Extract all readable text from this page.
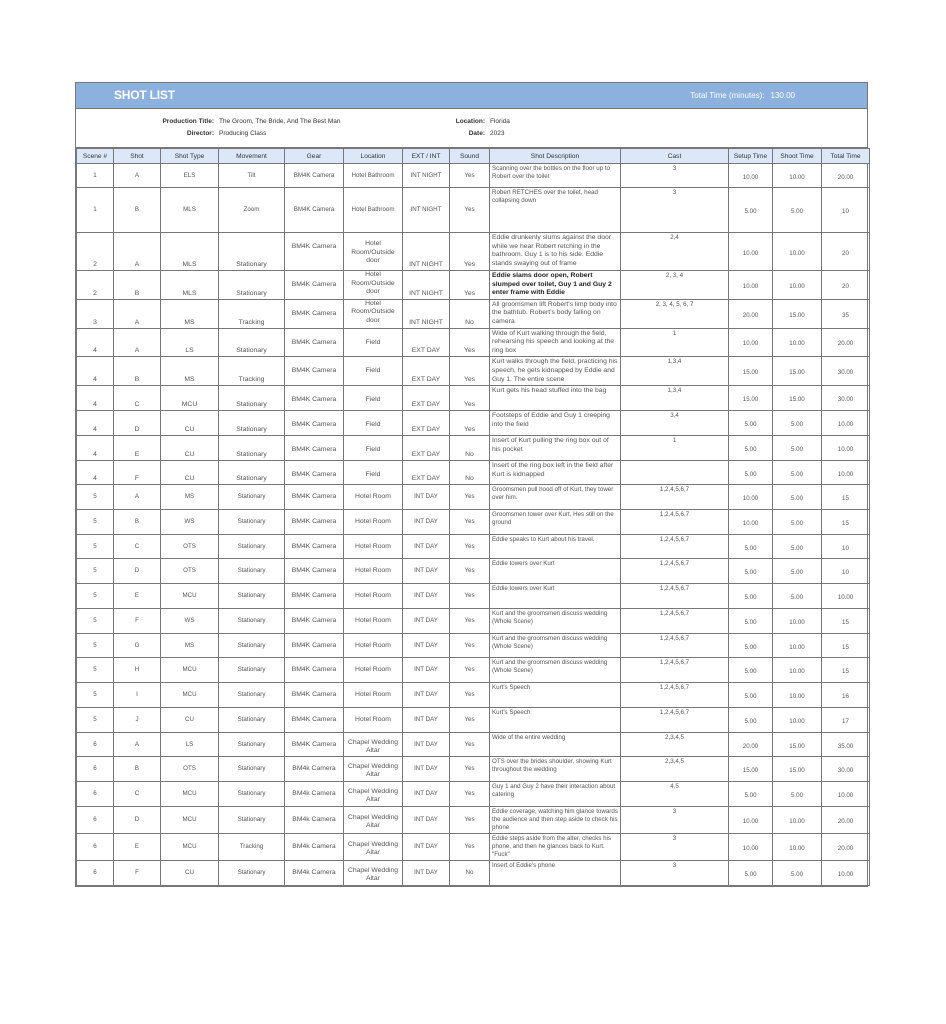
SHOT LIST	Total Time (minutes): 130.00
Production Title: The Groom, The Bride, And The Best Man
Director: Producing Class
Location: Florida
Date: 2023
Scene #	Shot	Shot Type	Movement	Gear	Location	EXT / INT	Sound	Shot Description	Cast	Setup Time	Shoot Time	Total Time
1	A	ELS	Tilt	BM4K Camera	Hotel Bathroom	INT NIGHT	Yes	Scanning over the bottles on the floor up to Robert over the toilet	3	10.00	10.00	20.00
1	B	MLS	Zoom	BM4K Camera	Hotel Bathroom	INT NIGHT	Yes	Robert RETCHES over the toilet, head collapsing down	3	5.00	5.00	10
2	A	MLS	Stationary	BM4K Camera	Hotel Room/Outside door	INT NIGHT	Yes	Eddie drunkenly slums against the door while we hear Robert retching in the bathroom. Guy 1 is to his side. Eddie stands swaying out of frame	2,4	10.00	10.00	20
2	B	MLS	Stationary	BM4K Camera	Hotel Room/Outside door	INT NIGHT	Yes	Eddie slams door open, Robert slumped over toilet, Guy 1 and Guy 2 enter frame with Eddie	2, 3, 4	10.00	10.00	20
3	A	MS	Tracking	BM4K Camera	Hotel Room/Outside door	INT NIGHT	No	All groomsmen lift Robert's limp body into the bathtub. Robert's body falling on camera	2, 3, 4, 5, 6, 7	20.00	15.00	35
4	A	LS	Stationary	BM4K Camera	Field	EXT DAY	Yes	Wide of Kurt walking through the field, rehearsing his speech and looking at the ring box	1	10.00	10.00	20.00
4	B	MS	Tracking	BM4K Camera	Field	EXT DAY	Yes	Kurt walks through the field, practicing his speech, he gets kidnapped by Eddie and Guy 1. The entire scene	1,3,4	15.00	15.00	30.00
4	C	MCU	Stationary	BM4K Camera	Field	EXT DAY	Yes	Kurt gets his head stuffed into the bag	1,3,4	15.00	15.00	30.00
4	D	CU	Stationary	BM4K Camera	Field	EXT DAY	Yes	Footsteps of Eddie and Guy 1 creeping into the field	3,4	5.00	5.00	10.00
4	E	CU	Stationary	BM4K Camera	Field	EXT DAY	No	Insert of Kurt pulling the ring box out of his pocket	1	5.00	5.00	10.00
4	F	CU	Stationary	BM4K Camera	Field	EXT DAY	No	Insert of the ring box left in the field after Kurt is kidnapped		5.00	5.00	10.00
5	A	MS	Stationary	BM4K Camera	Hotel Room	INT DAY	Yes	Groomsmen pull hood off of Kurt, they tower over him.	1,2,4,5,6,7	10.00	5.00	15
5	B	WS	Stationary	BM4K Camera	Hotel Room	INT DAY	Yes	Groomsmen tower over Kurt, Hes still on the ground	1,2,4,5,6,7	10.00	5.00	15
5	C	OTS	Stationary	BM4K Camera	Hotel Room	INT DAY	Yes	Eddie speaks to Kurt about his travel.	1,2,4,5,6,7	5.00	5.00	10
5	D	OTS	Stationary	BM4K Camera	Hotel Room	INT DAY	Yes	Eddie towers over Kurt	1,2,4,5,6,7	5.00	5.00	10
5	E	MCU	Stationary	BM4K Camera	Hotel Room	INT DAY	Yes	Eddie towers over Kurt	1,2,4,5,6,7	5.00	5.00	10.00
5	F	WS	Stationary	BM4K Camera	Hotel Room	INT DAY	Yes	Kurt and the groomsmen discuss wedding (Whole Scene)	1,2,4,5,6,7	5.00	10.00	15
5	G	MS	Stationary	BM4K Camera	Hotel Room	INT DAY	Yes	Kurt and the groomsmen discuss wedding (Whole Scene)	1,2,4,5,6,7	5.00	10.00	15
5	H	MCU	Stationary	BM4K Camera	Hotel Room	INT DAY	Yes	Kurt and the groomsmen discuss wedding (Whole Scene)	1,2,4,5,6,7	5.00	10.00	15
5	I	MCU	Stationary	BM4K Camera	Hotel Room	INT DAY	Yes	Kurt's Speech	1,2,4,5,6,7	5.00	10.00	16
5	J	CU	Stationary	BM4K Camera	Hotel Room	INT DAY	Yes	Kurt's Speech	1,2,4,5,6,7	5.00	10.00	17
6	A	LS	Stationary	BM4K Camera	Chapel Wedding Altar	INT DAY	Yes	Wide of the entire wedding	2,3,4,5	20.00	15.00	35.00
6	B	OTS	Stationary	BM4k Camera	Chapel Wedding Altar	INT DAY	Yes	OTS over the brides shoulder, showing Kurt throughout the wedding	2,3,4,5	15.00	15.00	30.00
6	C	MCU	Stationary	BM4k Camera	Chapel Wedding Altar	INT DAY	Yes	Guy 1 and Guy 2 have their interaction about catering	4,5	5.00	5.00	10.00
6	D	MCU	Stationary	BM4k Camera	Chapel Wedding Altar	INT DAY	Yes	Eddie coverage, watching him glance towards the audience and then step aside to check his phone	3	10.00	10.00	20.00
6	E	MCU	Tracking	BM4k Camera	Chapel Wedding Altar	INT DAY	Yes	Eddie steps aside from the alter, checks his phone, and then he glances back to Kurt. "Fuck"	3	10.00	10.00	20.00
6	F	CU	Stationary	BM4k Camera	Chapel Wedding Altar	INT DAY	No	Insert of Eddie's phone	3	5.00	5.00	10.00
